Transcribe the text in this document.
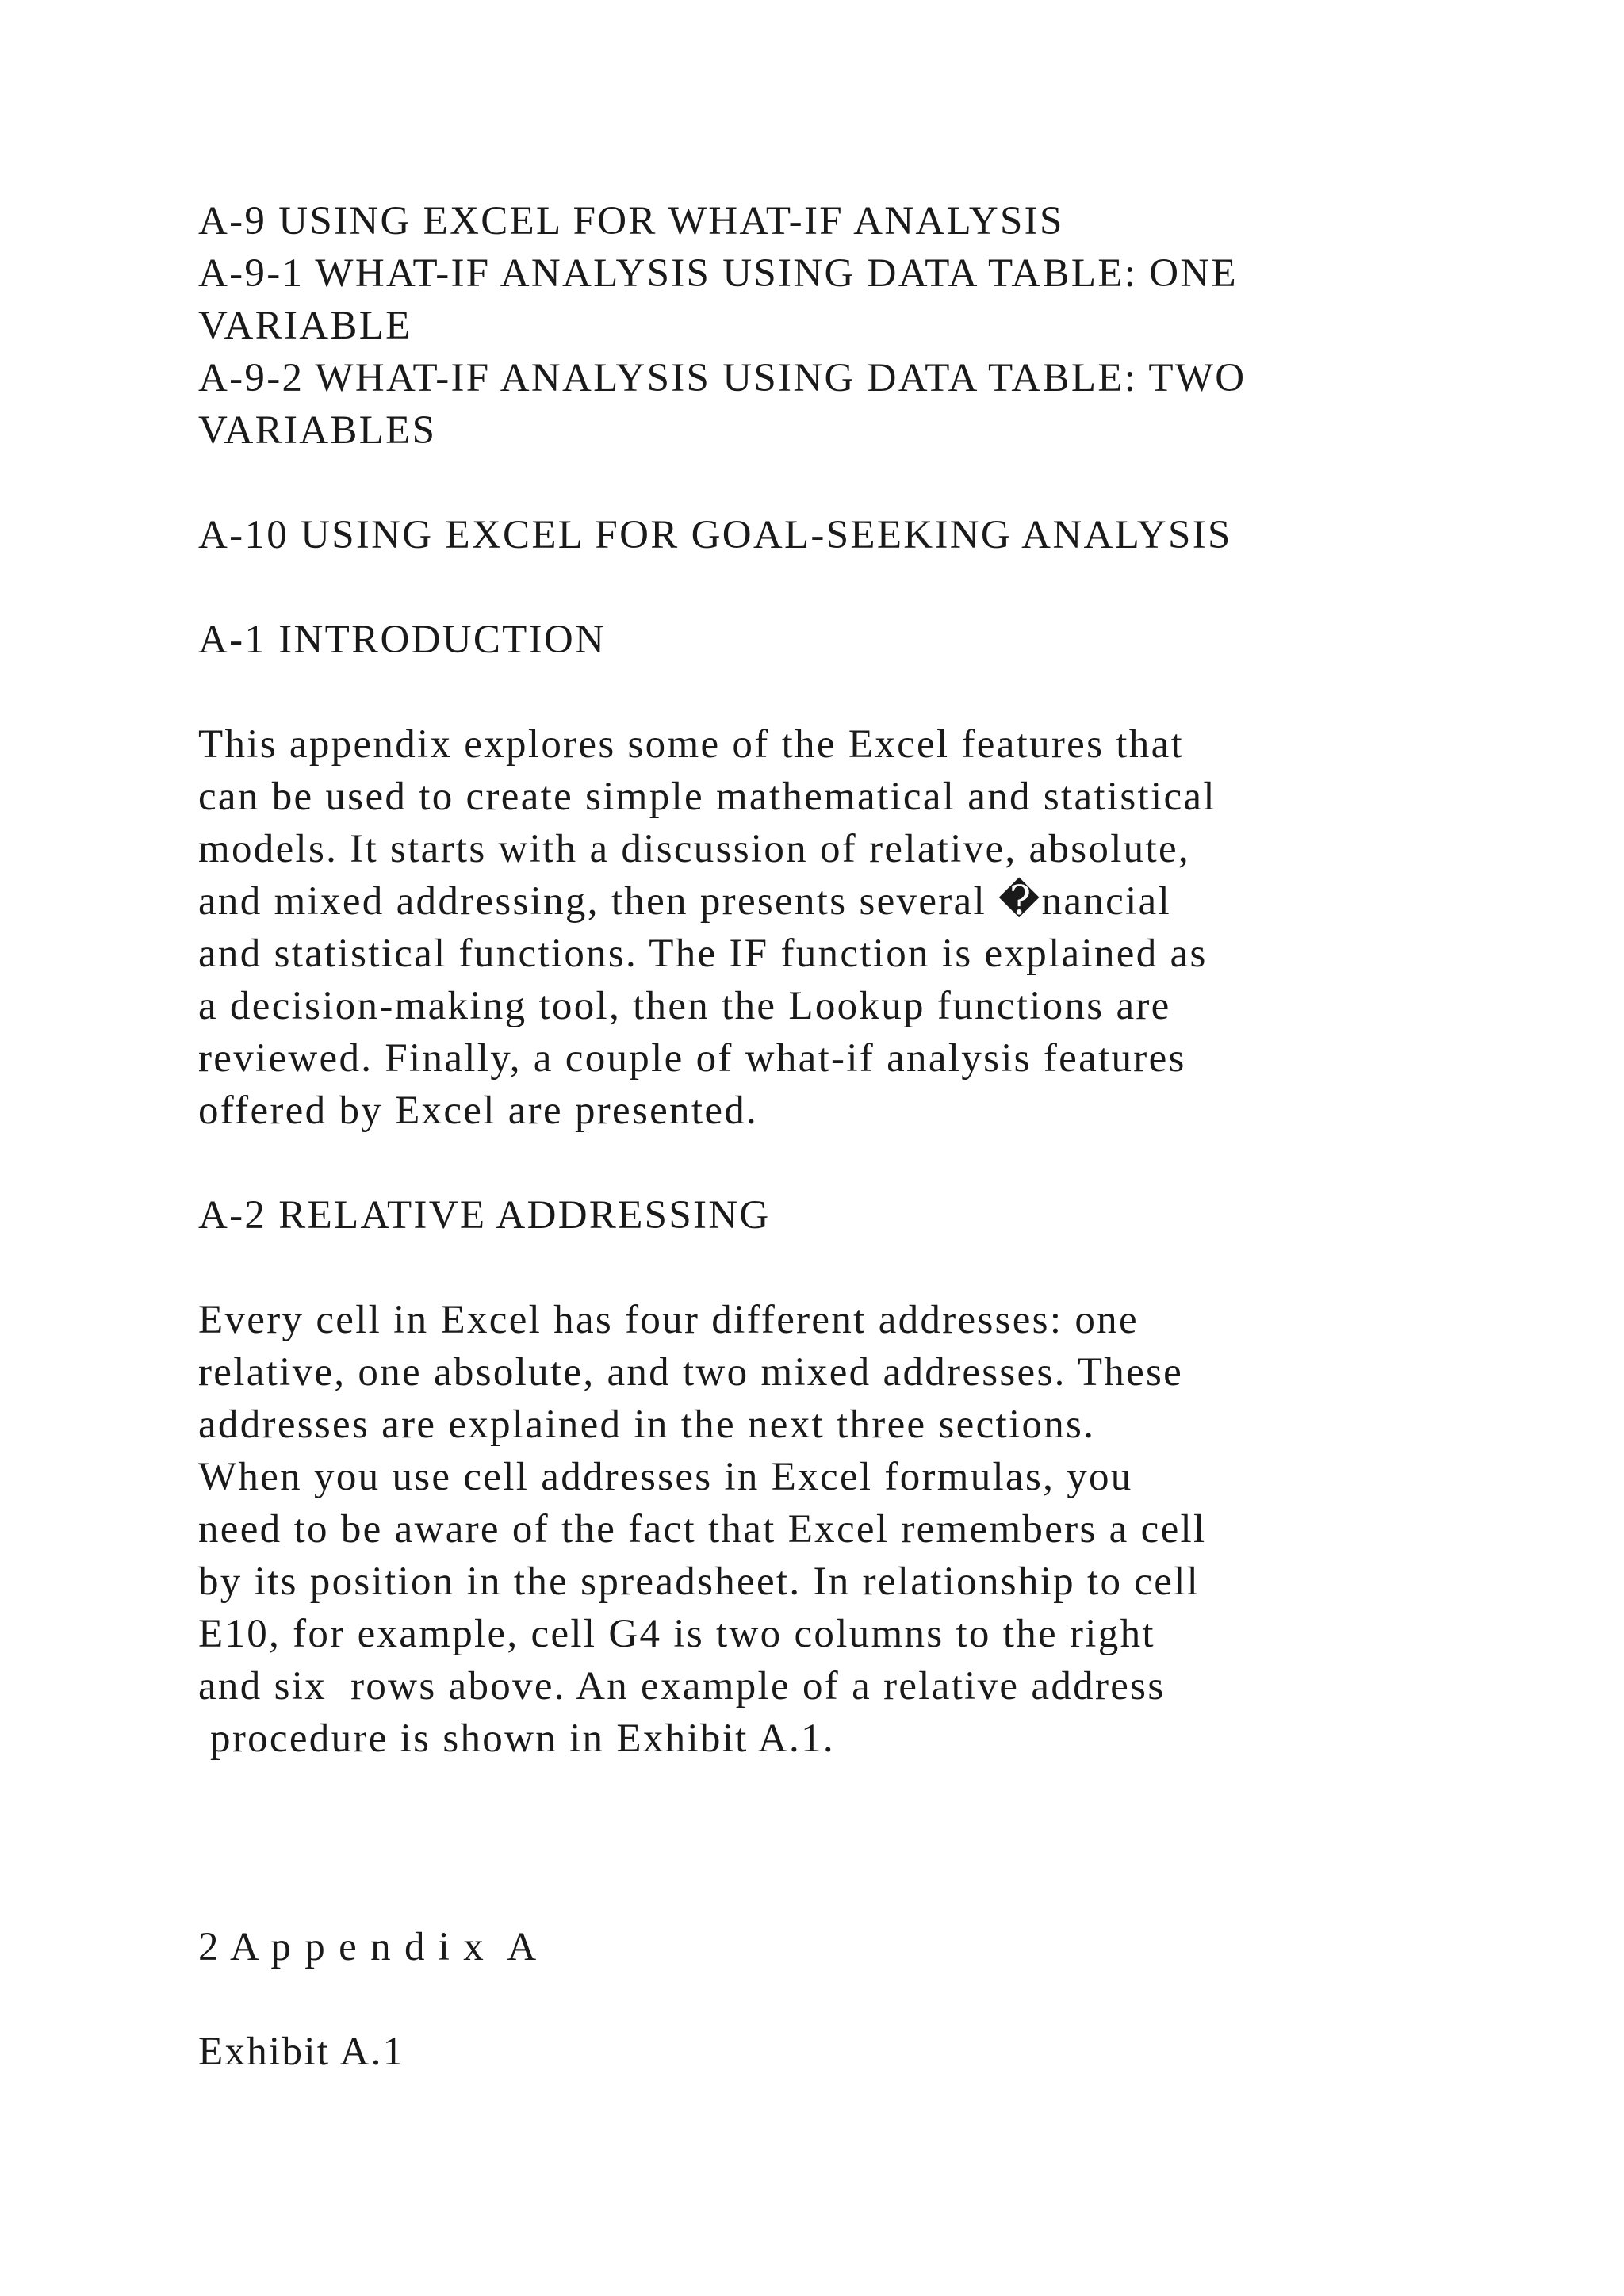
A-9 USING EXCEL FOR WHAT-IF ANALYSIS

A-9-1 WHAT-IF ANALYSIS USING DATA TABLE: ONE

VARIABLE

A-9-2 WHAT-IF ANALYSIS USING DATA TABLE: TWO

VARIABLES

A-10 USING EXCEL FOR GOAL-SEEKING ANALYSIS

A-1 INTRODUCTION

This appendix explores some of the Excel features that

can be used to create simple mathematical and statistical

models. It starts with a discussion of relative, absolute,

and mixed addressing, then presents several �nancial

and statistical functions. The IF function is explained as

a decision-making tool, then the Lookup functions are

reviewed. Finally, a couple of what-if analysis features

offered by Excel are presented.

A-2 RELATIVE ADDRESSING

Every cell in Excel has four different addresses: one

relative, one absolute, and two mixed addresses. These

addresses are explained in the next three sections.

When you use cell addresses in Excel formulas, you

need to be aware of the fact that Excel remembers a cell

by its position in the spreadsheet. In relationship to cell

E10, for example, cell G4 is two columns to the right

and six  rows above. An example of a relative address

procedure is shown in Exhibit A.1.

2 A p p e n d i x  A

Exhibit A.1
